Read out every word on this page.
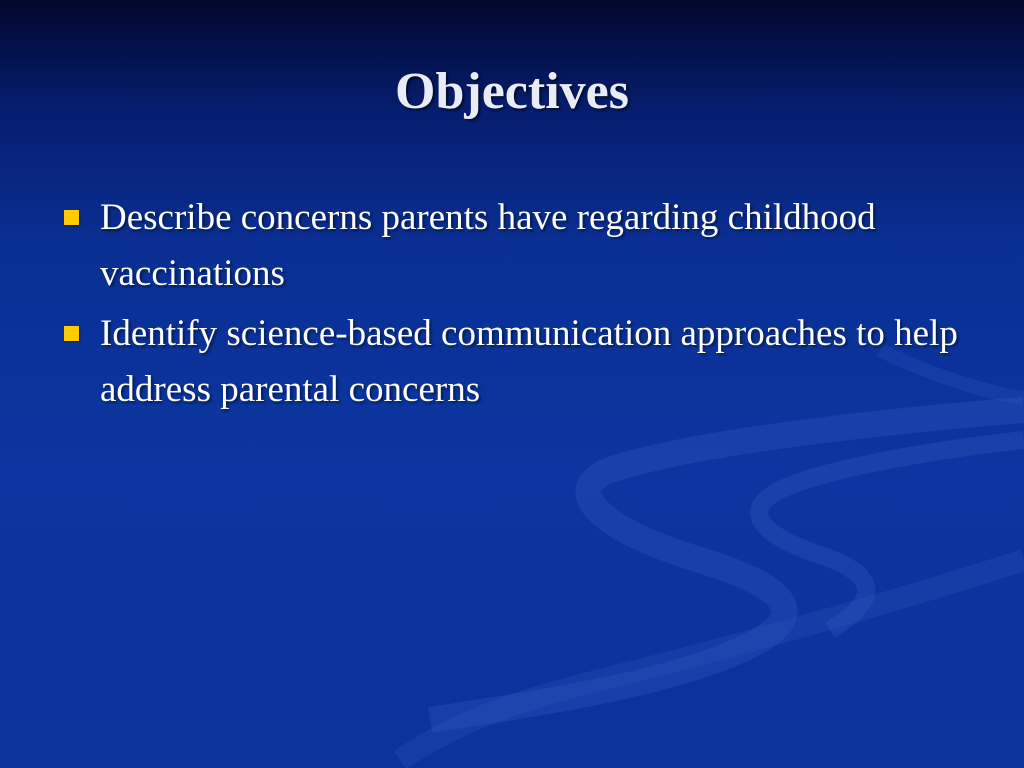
Objectives
Describe concerns parents have regarding childhood vaccinations
Identify science-based communication approaches to help address parental concerns
